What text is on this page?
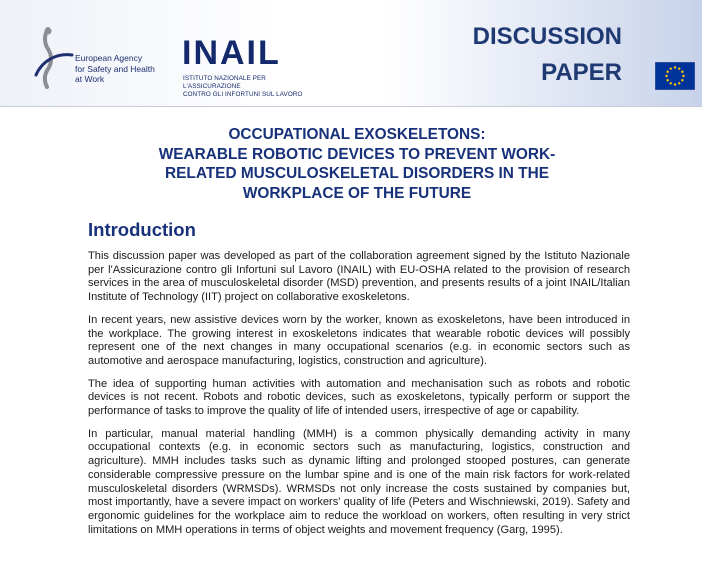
European Agency
for Safety and Health
at Work
INAIL
ISTITUTO NAZIONALE PER L'ASSICURAZIONE
CONTRO GLI INFORTUNI SUL LAVORO
DISCUSSION
PAPER
OCCUPATIONAL EXOSKELETONS:
WEARABLE ROBOTIC DEVICES TO PREVENT WORK-
RELATED MUSCULOSKELETAL DISORDERS IN THE
WORKPLACE OF THE FUTURE
Introduction

This discussion paper was developed as part of the collaboration agreement signed by the Istituto Nazionale per l'Assicurazione contro gli Infortuni sul Lavoro (INAIL) with EU-OSHA related to the provision of research services in the area of musculoskeletal disorder (MSD) prevention, and presents results of a joint INAIL/Italian Institute of Technology (IIT) project on collaborative exoskeletons.

In recent years, new assistive devices worn by the worker, known as exoskeletons, have been introduced in the workplace. The growing interest in exoskeletons indicates that wearable robotic devices will possibly represent one of the next changes in many occupational scenarios (e.g. in economic sectors such as automotive and aerospace manufacturing, logistics, construction and agriculture).

The idea of supporting human activities with automation and mechanisation such as robots and robotic devices is not recent. Robots and robotic devices, such as exoskeletons, typically perform or support the performance of tasks to improve the quality of life of intended users, irrespective of age or capability.

In particular, manual material handling (MMH) is a common physically demanding activity in many occupational contexts (e.g. in economic sectors such as manufacturing, logistics, construction and agriculture). MMH includes tasks such as dynamic lifting and prolonged stooped postures, can generate considerable compressive pressure on the lumbar spine and is one of the main risk factors for work-related musculoskeletal disorders (WRMSDs). WRMSDs not only increase the costs sustained by companies but, most importantly, have a severe impact on workers' quality of life (Peters and Wischniewski, 2019). Safety and ergonomic guidelines for the workplace aim to reduce the workload on workers, often resulting in very strict limitations on MMH operations in terms of object weights and movement frequency (Garg, 1995).
